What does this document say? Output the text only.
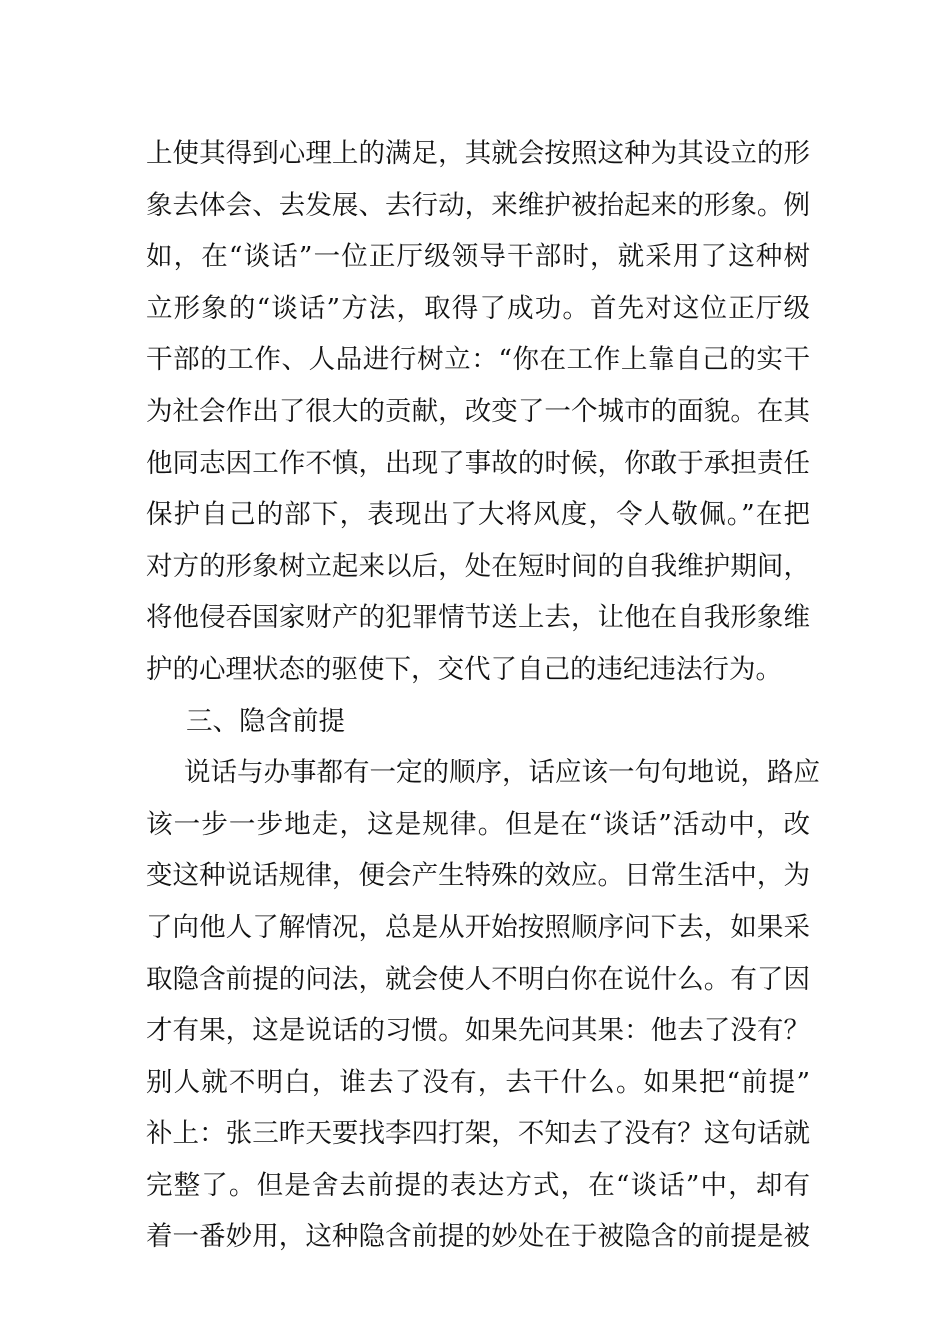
上使其得到心理上的满足，其就会按照这种为其设立的形
象去体会、去发展、去行动，来维护被抬起来的形象。例
如，在“谈话”一位正厅级领导干部时，就采用了这种树
立形象的“谈话”方法，取得了成功。首先对这位正厅级
干部的工作、人品进行树立：“你在工作上靠自己的实干
为社会作出了很大的贡献，改变了一个城市的面貌。在其
他同志因工作不慎，出现了事故的时候，你敢于承担责任
保护自己的部下，表现出了大将风度，令人敬佩。”在把
对方的形象树立起来以后，处在短时间的自我维护期间，
将他侵吞国家财产的犯罪情节送上去，让他在自我形象维
护的心理状态的驱使下，交代了自己的违纪违法行为。
三、隐含前提
说话与办事都有一定的顺序，话应该一句句地说，路应
该一步一步地走，这是规律。但是在“谈话”活动中，改
变这种说话规律，便会产生特殊的效应。日常生活中，为
了向他人了解情况，总是从开始按照顺序问下去，如果采
取隐含前提的问法，就会使人不明白你在说什么。有了因
才有果，这是说话的习惯。如果先问其果：他去了没有？
别人就不明白，谁去了没有，去干什么。如果把“前提”
补上：张三昨天要找李四打架，不知去了没有？这句话就
完整了。但是舍去前提的表达方式，在“谈话”中，却有
着一番妙用，这种隐含前提的妙处在于被隐含的前提是被
